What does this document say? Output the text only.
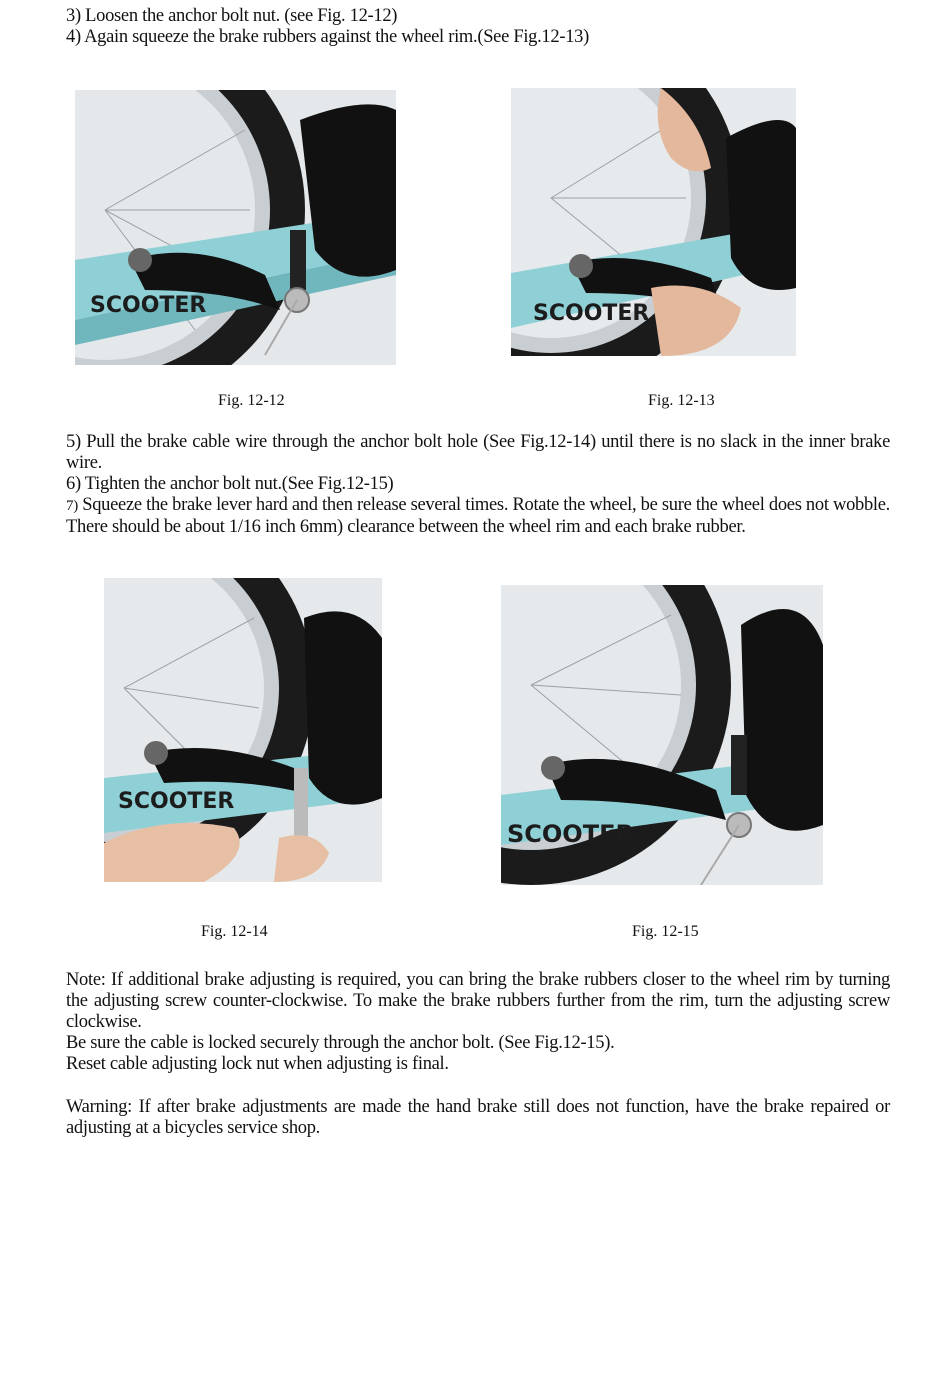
3) Loosen the anchor bolt nut. (see Fig. 12-12)
4) Again squeeze the brake rubbers against the wheel rim.(See Fig.12-13)
SCOOTER	SCOOTER
Fig. 12-12	Fig. 12-13
5) Pull the brake cable wire through the anchor bolt hole (See Fig.12-14) until there is no slack in the inner brake wire.
6) Tighten the anchor bolt nut.(See Fig.12-15)
7) Squeeze the brake lever hard and then release several times. Rotate the wheel, be sure the wheel does not wobble. There should be about 1/16 inch 6mm) clearance between the wheel rim and each brake rubber.
SCOOTER
SCOOTER
Fig. 12-14	Fig. 12-15
Note: If additional brake adjusting is required, you can bring the brake rubbers closer to the wheel rim by turning the adjusting screw counter-clockwise. To make the brake rubbers further from the rim, turn the adjusting screw clockwise.
Be sure the cable is locked securely through the anchor bolt. (See Fig.12-15).
Reset cable adjusting lock nut when adjusting is final.
Warning: If after brake adjustments are made the hand brake still does not function, have the brake repaired or adjusting at a bicycles service shop.
